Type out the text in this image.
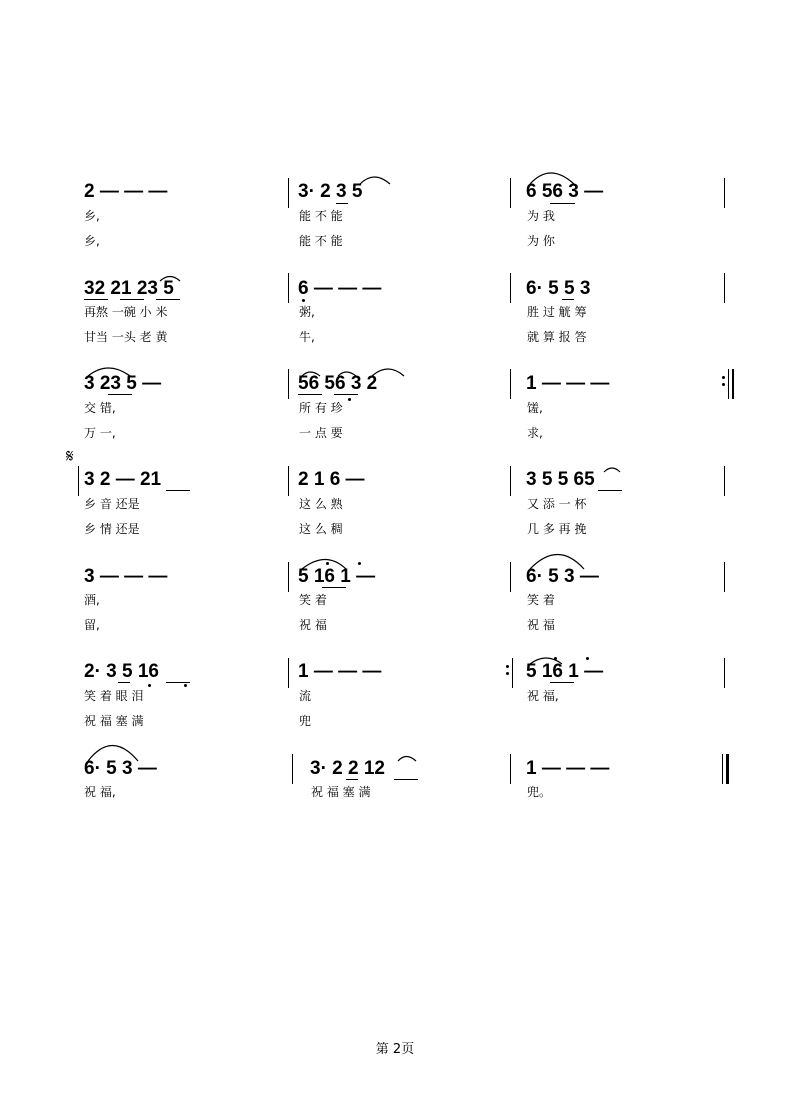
2 — — —
乡,
乡,
3· 2 3 5
能 不 能
能 不 能
6 56 3 —
为 我
为 你
32 21 23 5
再熬 一碗 小 米
甘当 一头 老 黄
6 — — —
粥,
牛,
6· 5 5 3
胜 过 觥 筹
就 算 报 答
3 23 5 —
交 错,
万 一,
56 56 3 2
所 有 珍
一 点 要
1 — — —
馐,
求,
𝄋
3 2 — 21
乡 音 还是
乡 情 还是
2 1 6 —
这 么 熟
这 么 稠
3 5 5 65
又 添 一 杯
几 多 再 挽
3 — — —
酒,
留,
5 16 1 —
笑 着
祝 福
6· 5 3 —
笑 着
祝 福
2· 3 5 16
笑 着 眼 泪
祝 福 塞 满
1 — — —
流
兜
5 16 1 —
祝 福,
6· 5 3 —
祝 福,
3· 2 2 12
祝 福 塞 满
1 — — —
兜。
第 2页
